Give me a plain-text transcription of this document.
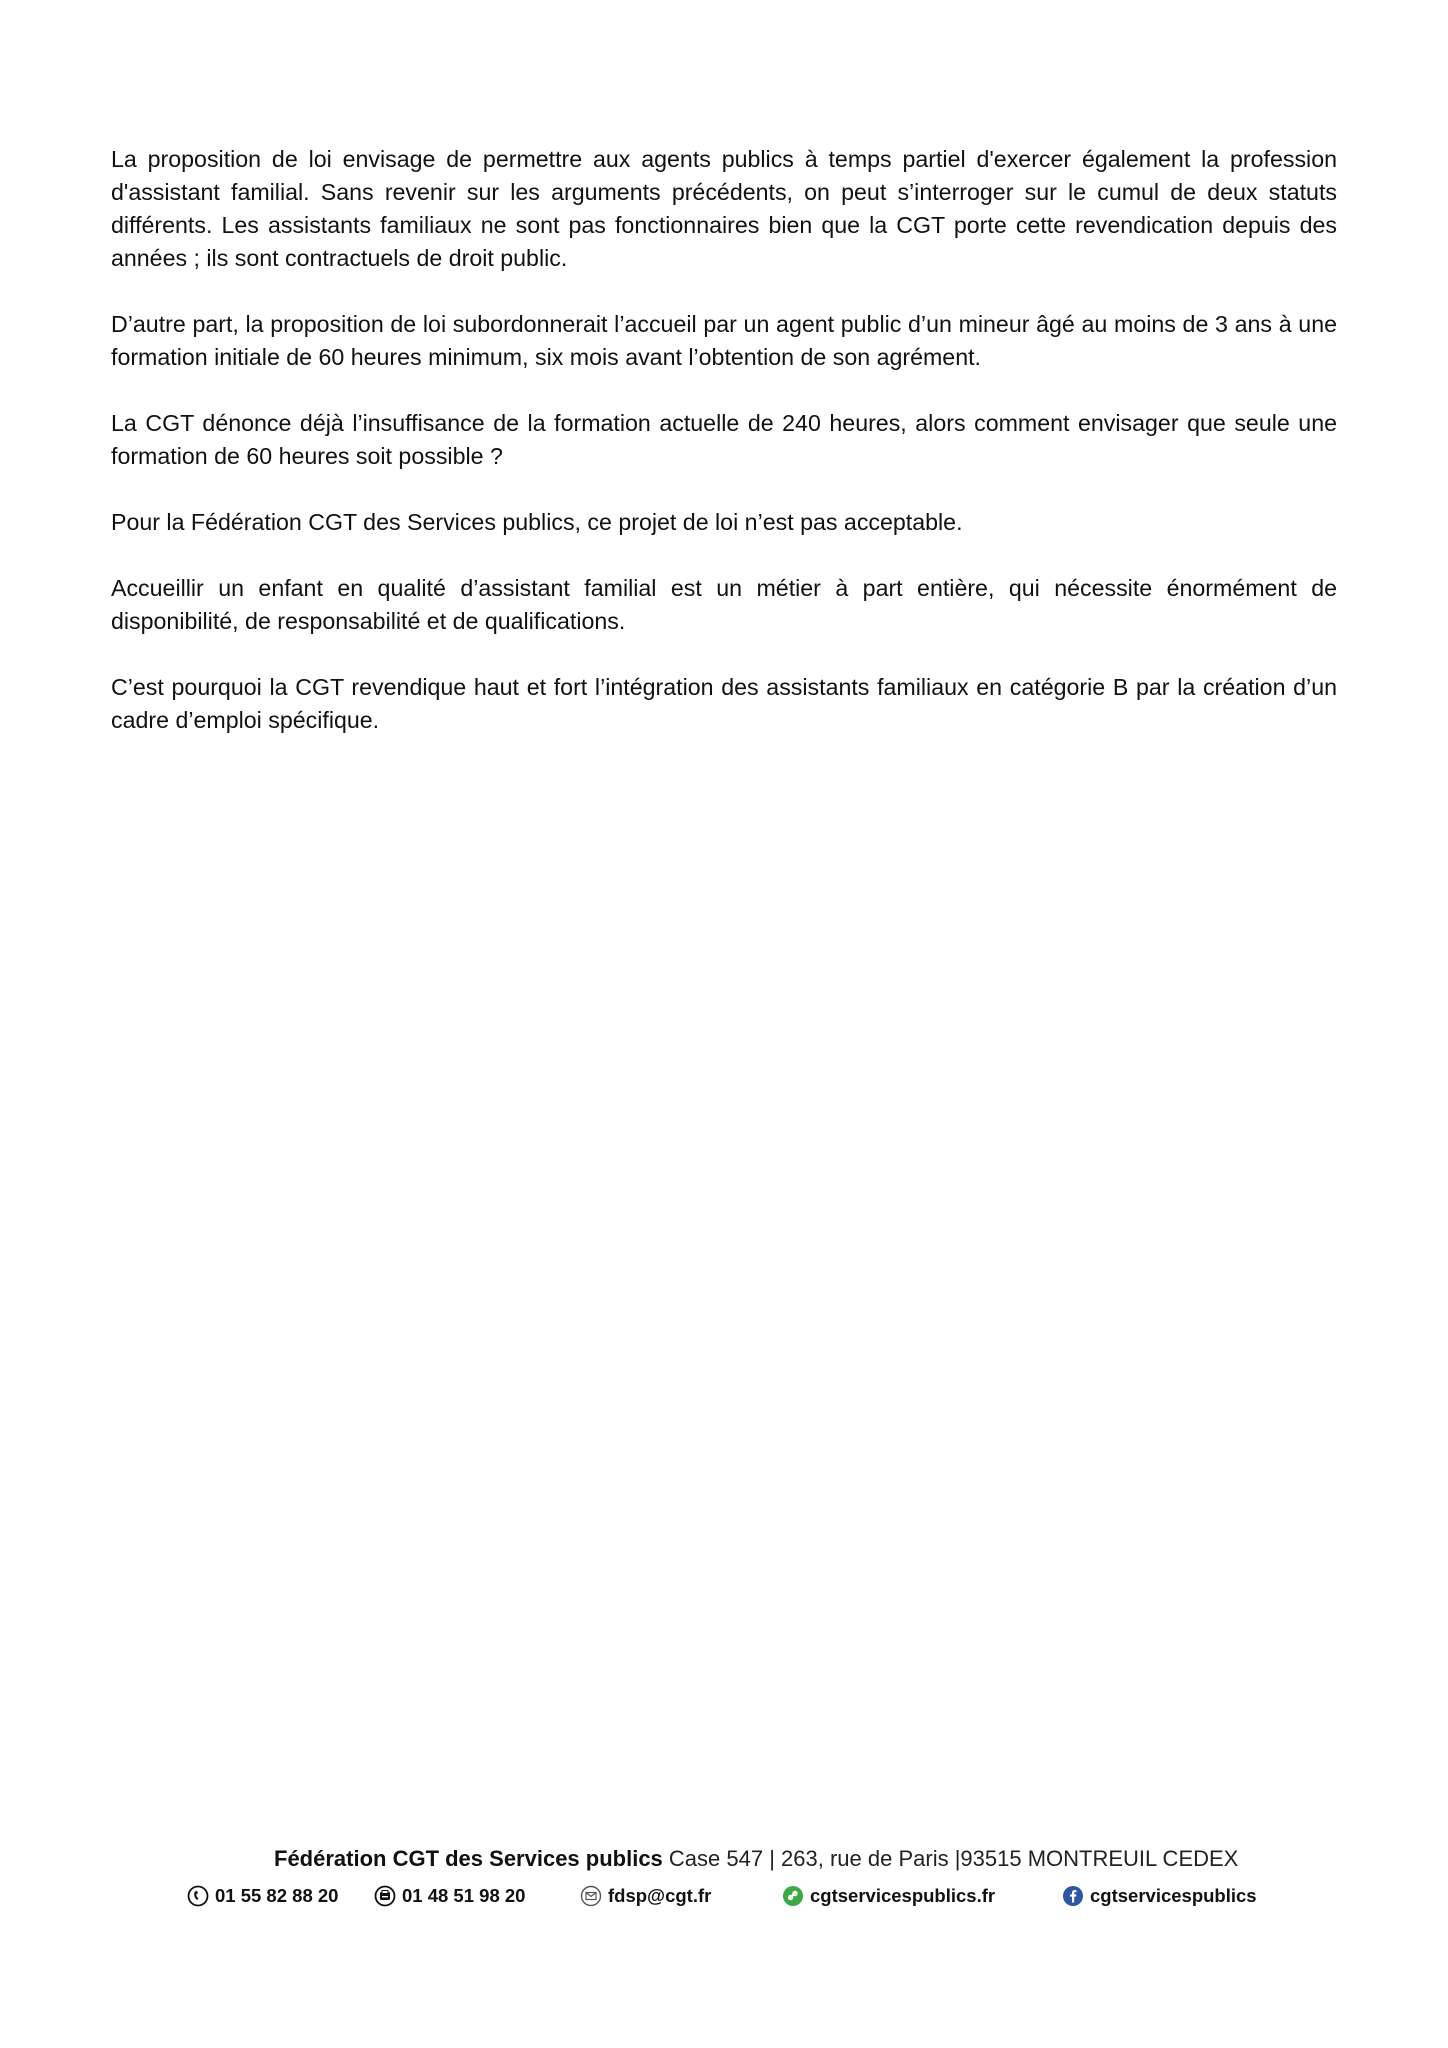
La proposition de loi envisage de permettre aux agents publics à temps partiel d'exercer également la profession d'assistant familial. Sans revenir sur les arguments précédents, on peut s’interroger sur le cumul de deux statuts différents. Les assistants familiaux ne sont pas fonctionnaires bien que la CGT porte cette revendication depuis des années ; ils sont contractuels de droit public.

D’autre part, la proposition de loi subordonnerait l’accueil par un agent public d’un mineur âgé au moins de 3 ans à une formation initiale de 60 heures minimum, six mois avant l’obtention de son agrément.

La CGT dénonce déjà l’insuffisance de la formation actuelle de 240 heures, alors comment envisager que seule une formation de 60 heures soit possible ?

Pour la Fédération CGT des Services publics, ce projet de loi n’est pas acceptable.

Accueillir un enfant en qualité d’assistant familial est un métier à part entière, qui nécessite énormément de disponibilité, de responsabilité et de qualifications.

C’est pourquoi la CGT revendique haut et fort l’intégration des assistants familiaux en catégorie B par la création d’un cadre d’emploi spécifique.

Fédération CGT des Services publics Case 547 | 263, rue de Paris |93515 MONTREUIL CEDEX
01 55 82 88 20	01 48 51 98 20	fdsp@cgt.fr	cgtservicespublics.fr	cgtservicespublics
